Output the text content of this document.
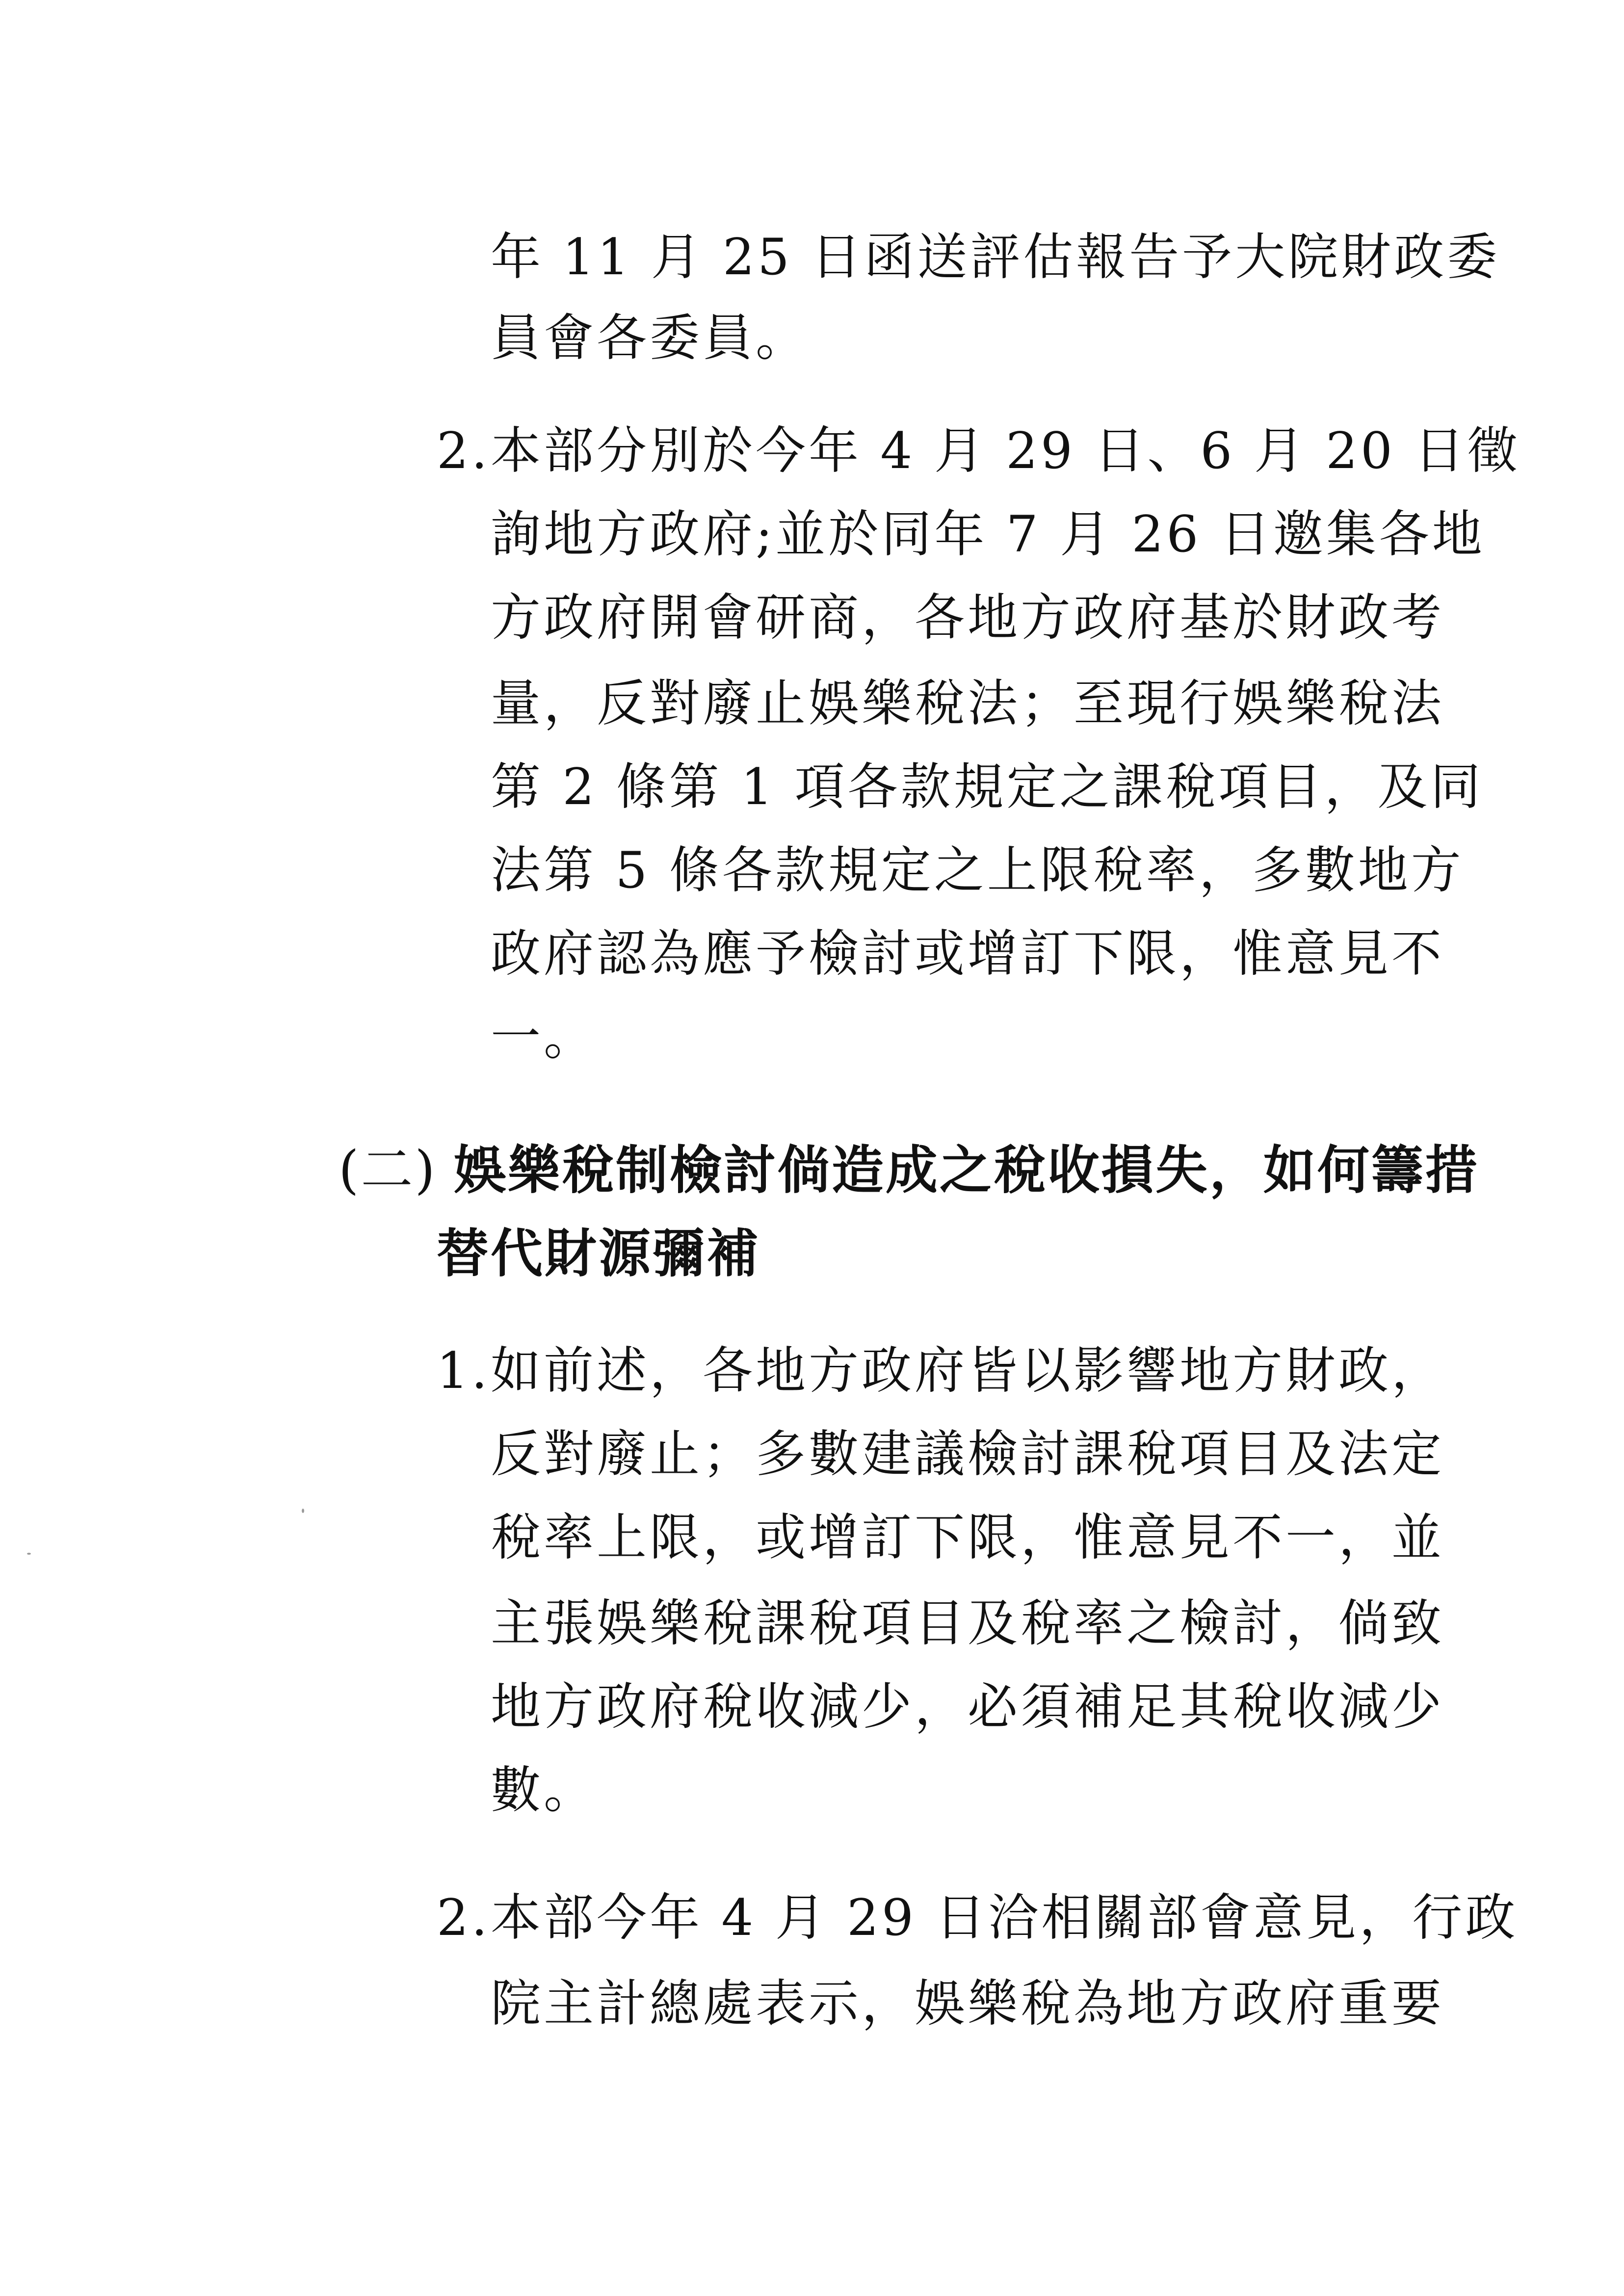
年 11 月 25 日函送評估報告予大院財政委
員會各委員。
2. 本部分別於今年 4 月 29 日、6 月 20 日徵
詢地方政府;並於同年 7 月 26 日邀集各地
方政府開會研商，各地方政府基於財政考
量，反對廢止娛樂稅法；至現行娛樂稅法
第 2 條第 1 項各款規定之課稅項目，及同
法第 5 條各款規定之上限稅率，多數地方
政府認為應予檢討或增訂下限，惟意見不
一。
(二) 娛樂稅制檢討倘造成之稅收損失，如何籌措
替代財源彌補
1. 如前述，各地方政府皆以影響地方財政，
反對廢止；多數建議檢討課稅項目及法定
稅率上限，或增訂下限，惟意見不一，並
主張娛樂稅課稅項目及稅率之檢討，倘致
地方政府稅收減少，必須補足其稅收減少
數。
2. 本部今年 4 月 29 日洽相關部會意見，行政
院主計總處表示，娛樂稅為地方政府重要
